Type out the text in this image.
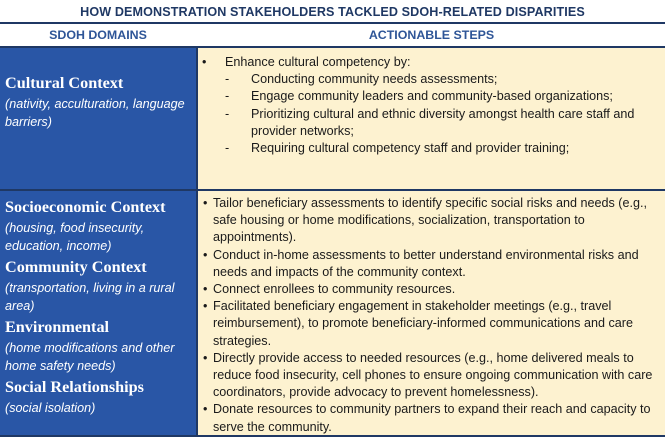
HOW DEMONSTRATION STAKEHOLDERS TACKLED SDOH-RELATED DISPARITIES
SDOH DOMAINS	ACTIONABLE STEPS
Cultural Context
(nativity, acculturation, language barriers)
• Enhance cultural competency by:
- Conducting community needs assessments;
- Engage community leaders and community-based organizations;
- Prioritizing cultural and ethnic diversity amongst health care staff and provider networks;
- Requiring cultural competency staff and provider training;
Socioeconomic Context
(housing, food insecurity, education, income)
Community Context
(transportation, living in a rural area)
Environmental
(home modifications and other home safety needs)
Social Relationships
(social isolation)
• Tailor beneficiary assessments to identify specific social risks and needs (e.g., safe housing or home modifications, socialization, transportation to appointments).
• Conduct in-home assessments to better understand environmental risks and needs and impacts of the community context.
• Connect enrollees to community resources.
• Facilitated beneficiary engagement in stakeholder meetings (e.g., travel reimbursement), to promote beneficiary-informed communications and care strategies.
• Directly provide access to needed resources (e.g., home delivered meals to reduce food insecurity, cell phones to ensure ongoing communication with care coordinators, provide advocacy to prevent homelessness).
• Donate resources to community partners to expand their reach and capacity to serve the community.
